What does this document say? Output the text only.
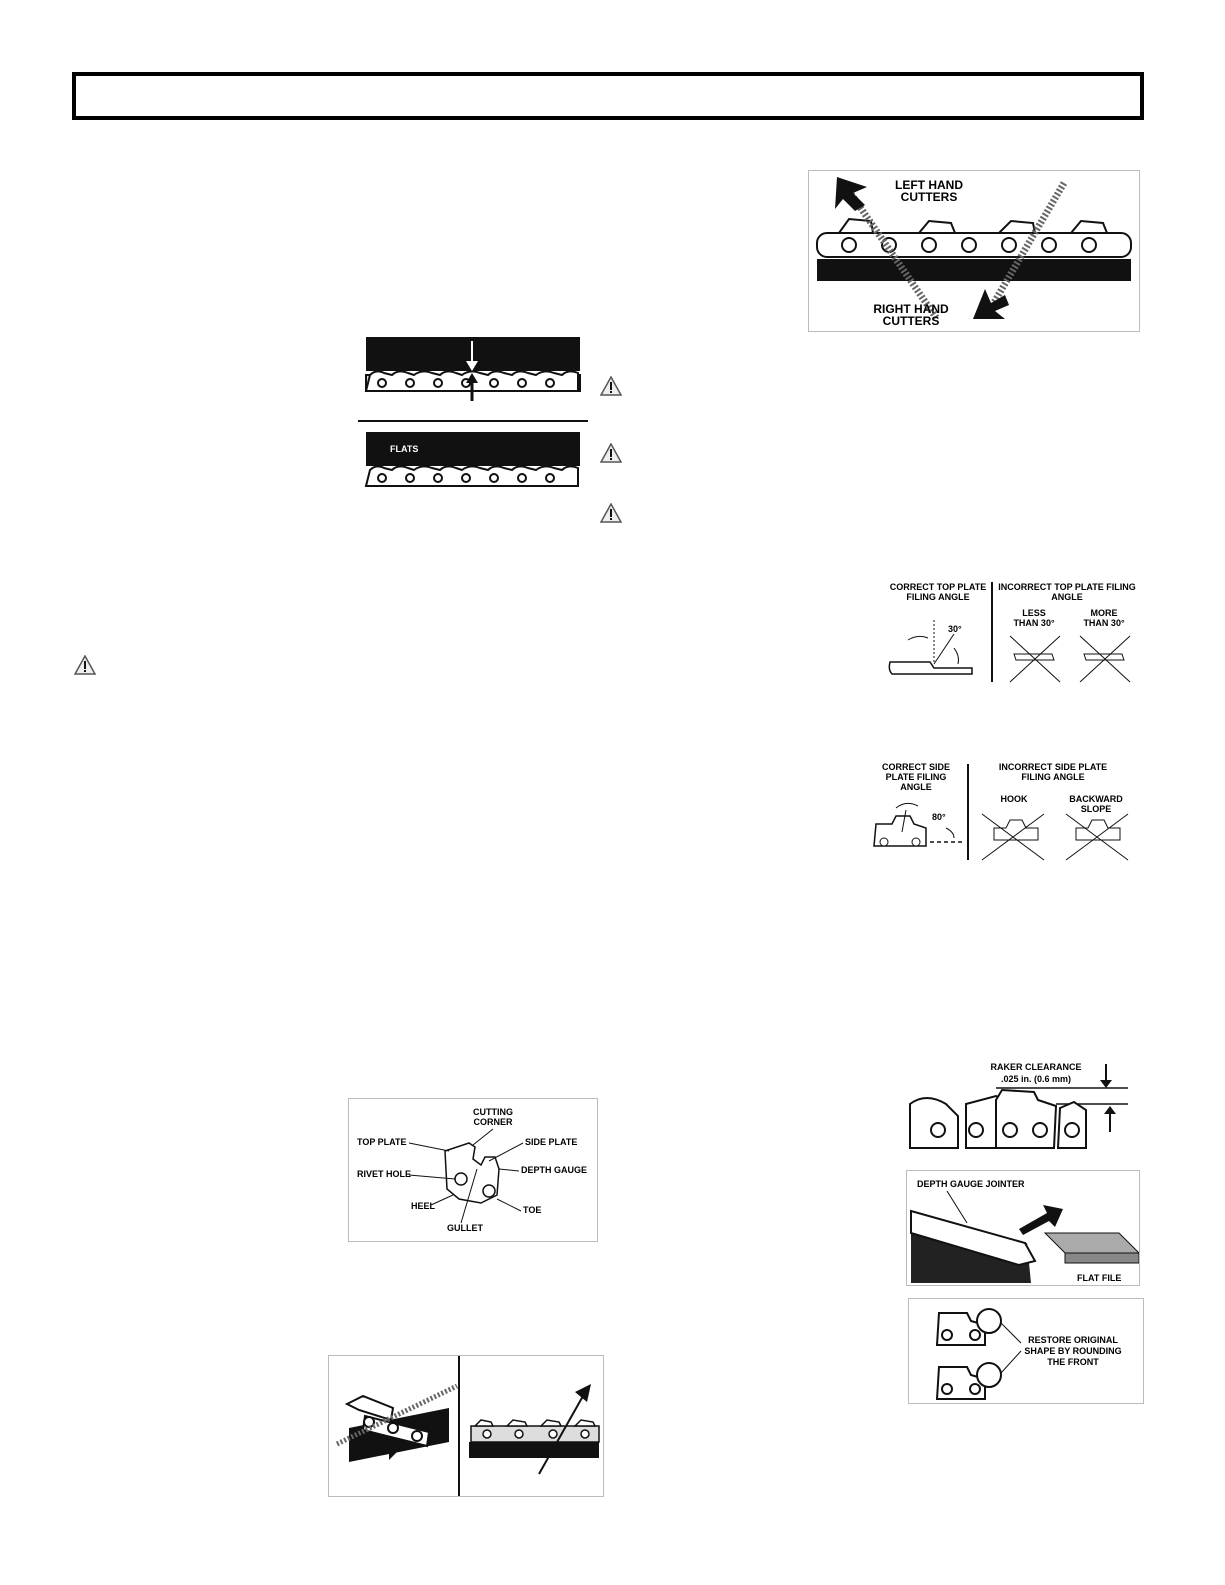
LEFT HAND
CUTTERS
RIGHT HAND
CUTTERS
FLATS
CORRECT TOP PLATE
FILING ANGLE
INCORRECT TOP PLATE FILING
ANGLE
30°
LESS
THAN 30°
MORE
THAN 30°
CORRECT SIDE
PLATE FILING
ANGLE
INCORRECT SIDE PLATE
FILING ANGLE
80°
HOOK	BACKWARD
SLOPE
CUTTING
CORNER
TOP PLATE	SIDE PLATE
RIVET HOLE	DEPTH GAUGE
HEEL	TOE
GULLET
RAKER CLEARANCE
.025 in. (0.6 mm)
DEPTH GAUGE JOINTER
FLAT FILE
RESTORE ORIGINAL
SHAPE BY ROUNDING
THE FRONT
